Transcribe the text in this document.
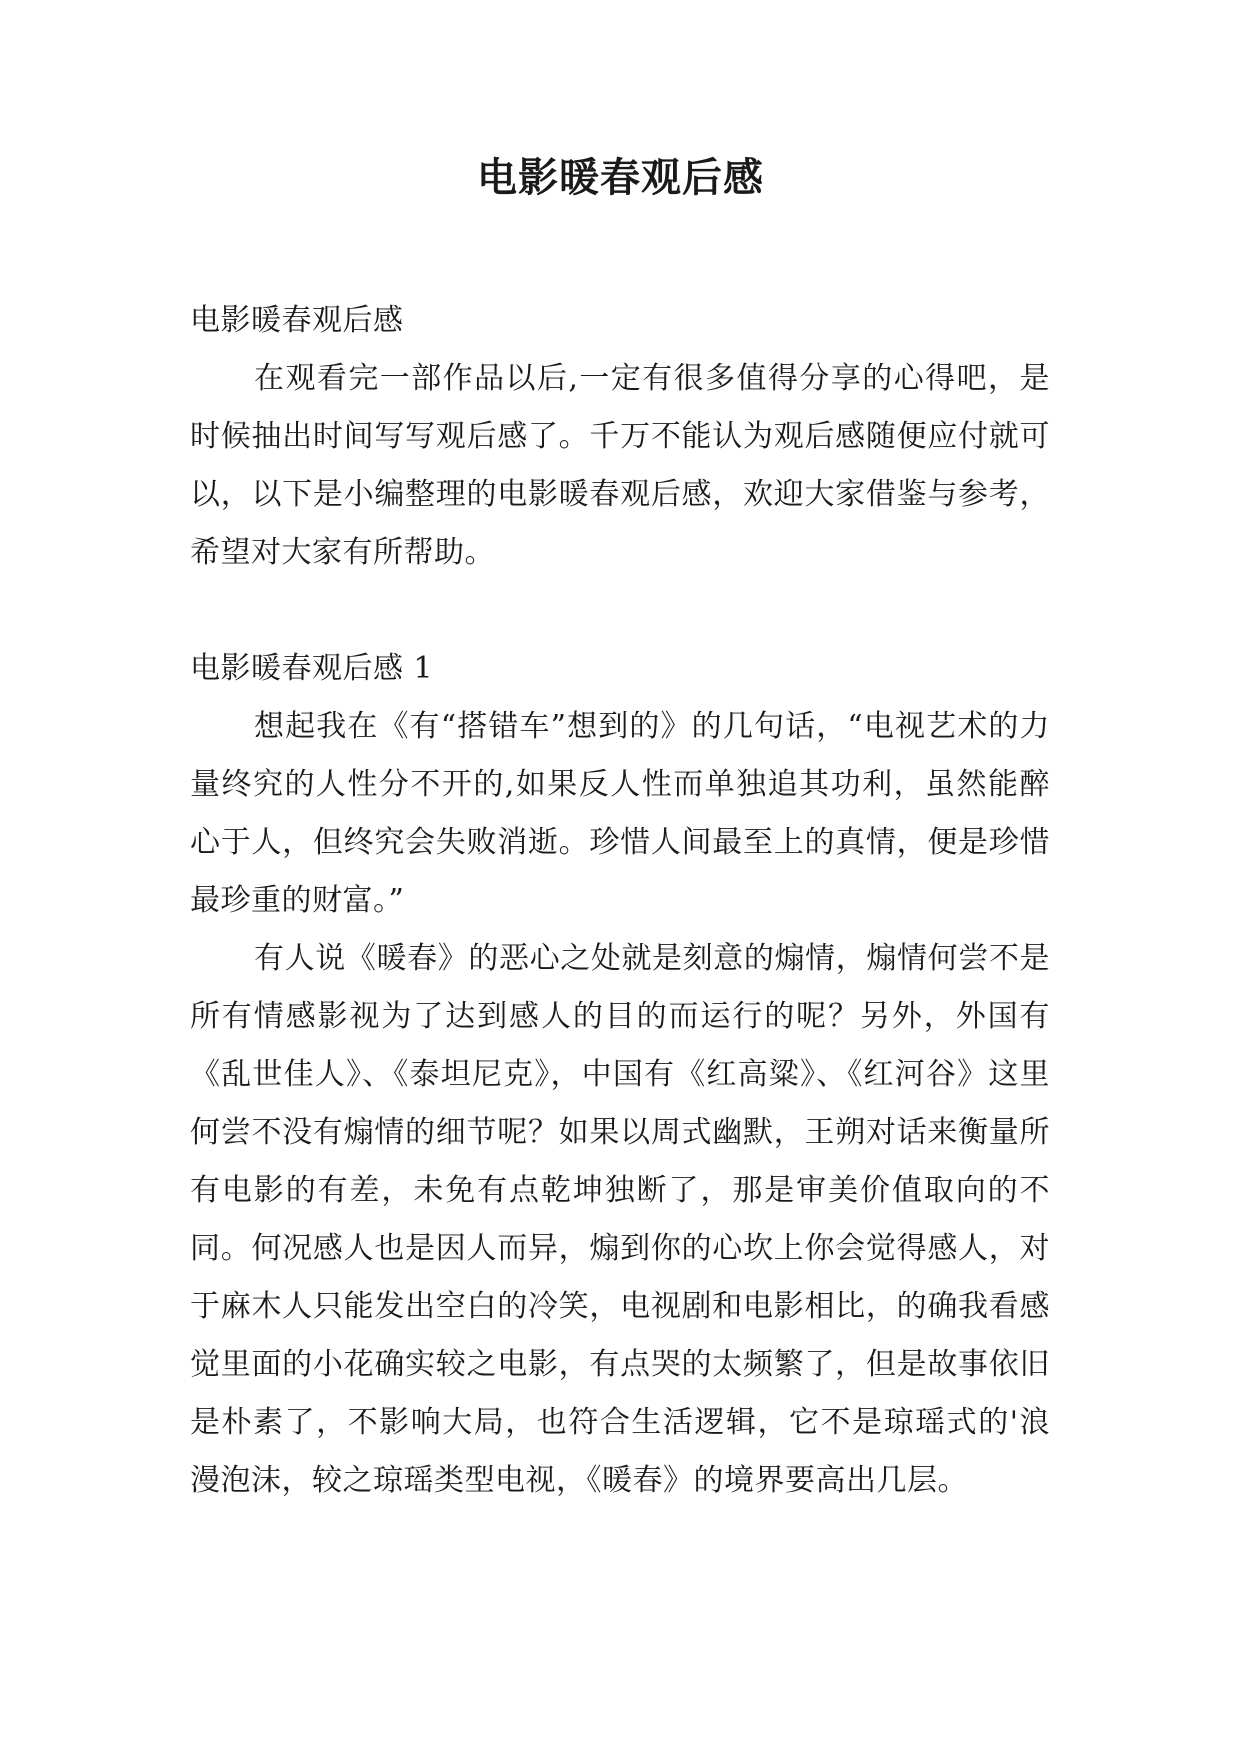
电影暖春观后感

电影暖春观后感

在观看完一部作品以后,一定有很多值得分享的心得吧，是时候抽出时间写写观后感了。千万不能认为观后感随便应付就可以，以下是小编整理的电影暖春观后感，欢迎大家借鉴与参考，希望对大家有所帮助。

电影暖春观后感 1

想起我在《有“搭错车”想到的》的几句话，“电视艺术的力量终究的人性分不开的,如果反人性而单独追其功利，虽然能醉心于人，但终究会失败消逝。珍惜人间最至上的真情，便是珍惜最珍重的财富。”

有人说《暖春》的恶心之处就是刻意的煽情，煽情何尝不是所有情感影视为了达到感人的目的而运行的呢？另外，外国有《乱世佳人》、《泰坦尼克》，中国有《红高粱》、《红河谷》这里何尝不没有煽情的细节呢？如果以周式幽默，王朔对话来衡量所有电影的有差，未免有点乾坤独断了，那是审美价值取向的不同。何况感人也是因人而异，煽到你的心坎上你会觉得感人，对于麻木人只能发出空白的冷笑，电视剧和电影相比，的确我看感觉里面的小花确实较之电影，有点哭的太频繁了，但是故事依旧是朴素了，不影响大局，也符合生活逻辑，它不是琼瑶式的'浪漫泡沫，较之琼瑶类型电视，《暖春》的境界要高出几层。
